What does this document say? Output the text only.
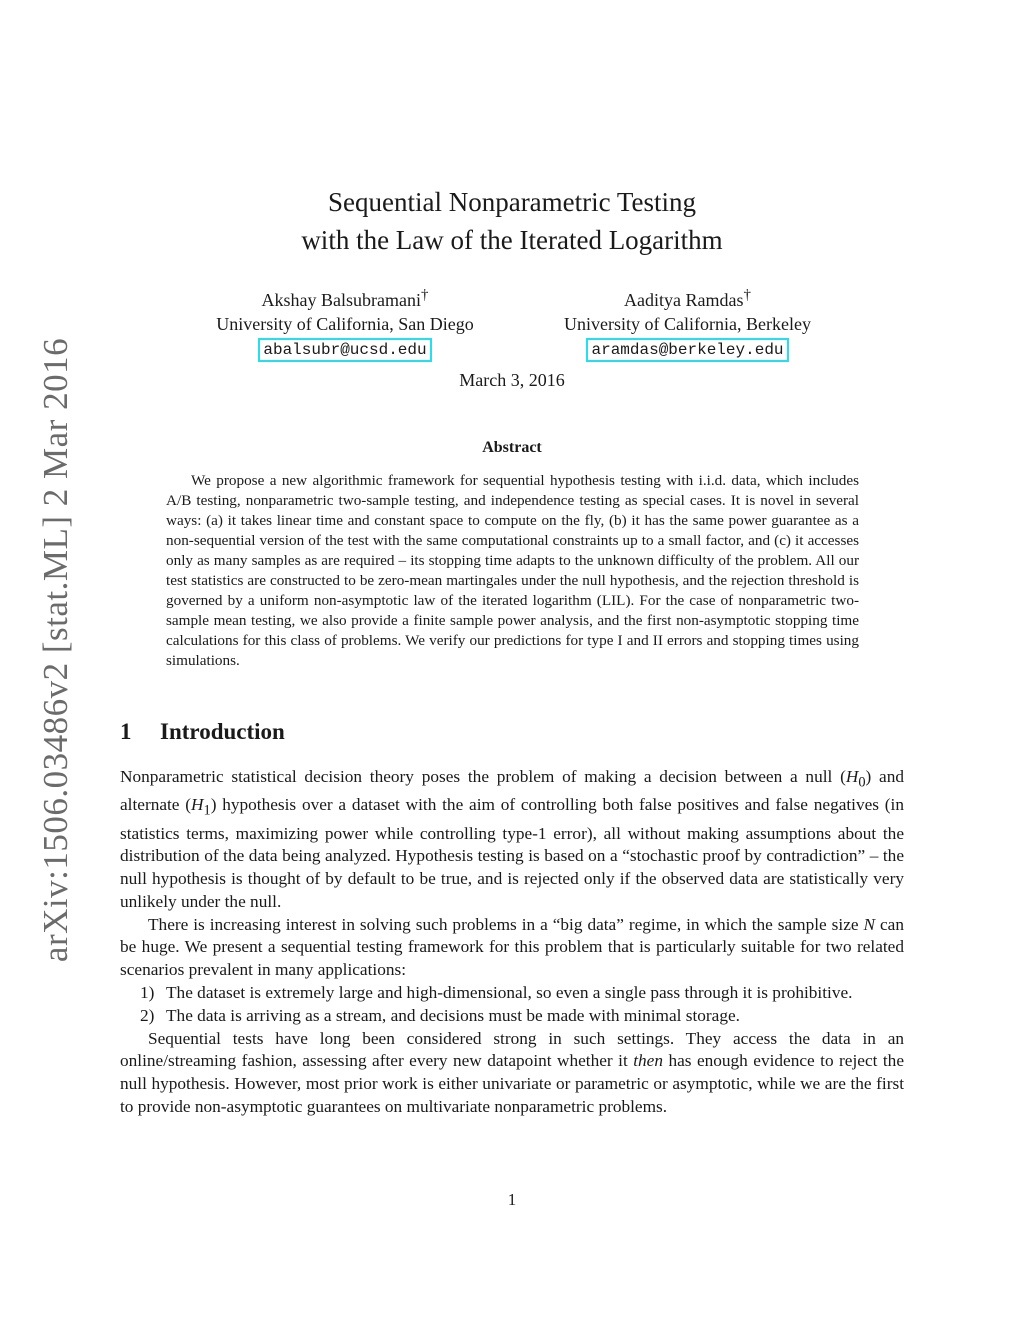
arXiv:1506.03486v2 [stat.ML] 2 Mar 2016
Sequential Nonparametric Testing
with the Law of the Iterated Logarithm
Akshay Balsubramani†
University of California, San Diego
abalsubr@ucsd.edu
Aaditya Ramdas†
University of California, Berkeley
aramdas@berkeley.edu
March 3, 2016
Abstract
We propose a new algorithmic framework for sequential hypothesis testing with i.i.d. data, which includes A/B testing, nonparametric two-sample testing, and independence testing as special cases. It is novel in several ways: (a) it takes linear time and constant space to compute on the fly, (b) it has the same power guarantee as a non-sequential version of the test with the same computational constraints up to a small factor, and (c) it accesses only as many samples as are required – its stopping time adapts to the unknown difficulty of the problem. All our test statistics are constructed to be zero-mean martingales under the null hypothesis, and the rejection threshold is governed by a uniform non-asymptotic law of the iterated logarithm (LIL). For the case of nonparametric two-sample mean testing, we also provide a finite sample power analysis, and the first non-asymptotic stopping time calculations for this class of problems. We verify our predictions for type I and II errors and stopping times using simulations.
1 Introduction

Nonparametric statistical decision theory poses the problem of making a decision between a null $(H_0)$ and alternate $(H_1)$ hypothesis over a dataset with the aim of controlling both false positives and false negatives (in statistics terms, maximizing power while controlling type-1 error), all without making assumptions about the distribution of the data being analyzed. Hypothesis testing is based on a “stochastic proof by contradiction” – the null hypothesis is thought of by default to be true, and is rejected only if the observed data are statistically very unlikely under the null.

There is increasing interest in solving such problems in a “big data” regime, in which the sample size N can be huge. We present a sequential testing framework for this problem that is particularly suitable for two related scenarios prevalent in many applications:

1) The dataset is extremely large and high-dimensional, so even a single pass through it is prohibitive.
2) The data is arriving as a stream, and decisions must be made with minimal storage.

Sequential tests have long been considered strong in such settings. They access the data in an online/streaming fashion, assessing after every new datapoint whether it then has enough evidence to reject the null hypothesis. However, most prior work is either univariate or parametric or asymptotic, while we are the first to provide non-asymptotic guarantees on multivariate nonparametric problems.

1
